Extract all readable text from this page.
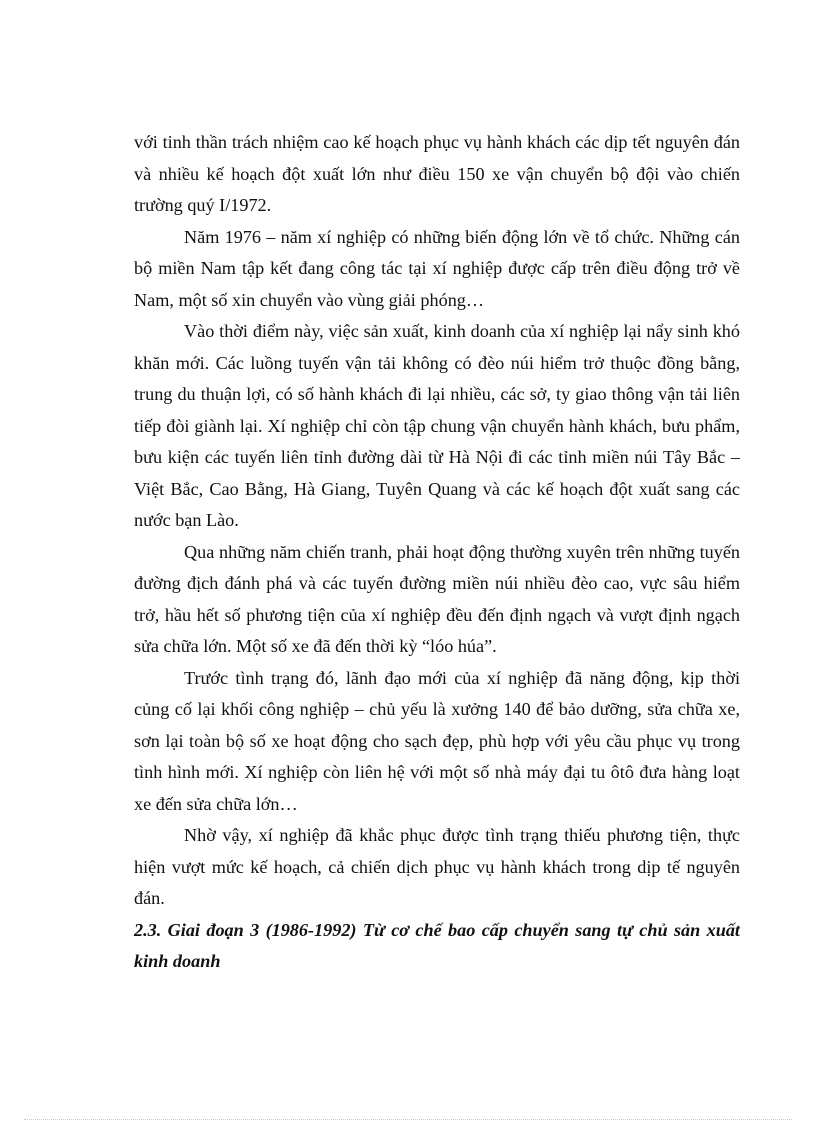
với tinh thần trách nhiệm cao kế hoạch phục vụ hành khách các dịp tết nguyên đán và nhiều kế hoạch đột xuất lớn như điều 150 xe vận chuyển bộ đội vào chiến trường quý I/1972.

Năm 1976 – năm xí nghiệp có những biến động lớn về tổ chức. Những cán bộ miền Nam tập kết đang công tác tại xí nghiệp được cấp trên điều động trở về Nam, một số xin chuyển vào vùng giải phóng…

Vào thời điểm này, việc sản xuất, kinh doanh của xí nghiệp lại nẩy sinh khó khăn mới. Các luồng tuyến vận tải không có đèo núi hiểm trở thuộc đồng bằng, trung du thuận lợi, có số hành khách đi lại nhiều, các sở, ty giao thông vận tải liên tiếp đòi giành lại. Xí nghiệp chỉ còn tập chung vận chuyển hành khách, bưu phẩm, bưu kiện các tuyến liên tỉnh đường dài từ Hà Nội đi các tỉnh miền núi Tây Bắc – Việt Bắc, Cao Bằng, Hà Giang, Tuyên Quang và các kế hoạch đột xuất sang các nước bạn Lào.

Qua những năm chiến tranh, phải hoạt động thường xuyên trên những tuyến đường địch đánh phá và các tuyến đường miền núi nhiều đèo cao, vực sâu hiểm trở, hầu hết số phương tiện của xí nghiệp đều đến định ngạch và vượt định ngạch sửa chữa lớn. Một số xe đã đến thời kỳ “lóo húa”.

Trước tình trạng đó, lãnh đạo mới của xí nghiệp đã năng động, kịp thời củng cố lại khối công nghiệp – chủ yếu là xưởng 140 để bảo dưỡng, sửa chữa xe, sơn lại toàn bộ số xe hoạt động cho sạch đẹp, phù hợp với yêu cầu phục vụ trong tình hình mới. Xí nghiệp còn liên hệ với một số nhà máy đại tu ôtô đưa hàng loạt xe đến sửa chữa lớn…

Nhờ vậy, xí nghiệp đã khắc phục được tình trạng thiếu phương tiện, thực hiện vượt mức kế hoạch, cả chiến dịch phục vụ hành khách trong dịp tế nguyên đán.

2.3. Giai đoạn 3 (1986-1992) Từ cơ chế bao cấp chuyển sang tự chủ sản xuất kinh doanh
